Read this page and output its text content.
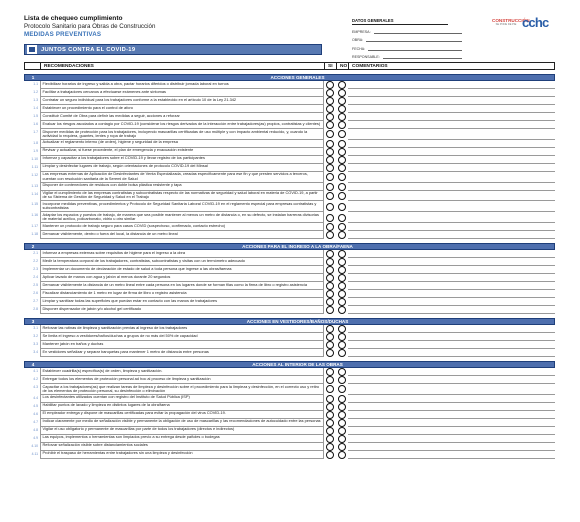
Lista de chequeo cumplimiento
Protocolo Sanitario para Obras de Construcción
MEDIDAS PREVENTIVAS
DATOS GENERALES
EMPRESA:
OBRA:
FECHA:
RESPONSABLE:
CONSTRUCCIÓN
SE PONE DE PIE cchc
JUNTOS CONTRA EL COVID-19
RECOMENDACIONES	SI	NO COMENTARIOS
1	ACCIONES GENERALES
1.1	Flexibilizar horarios de ingreso y salida a obra, pactar horarios diferidos o distribuir jornada laboral en turnos
1.2	Facilitar a trabajadores cercanos a efectuarse exámenes ante síntomas
1.3	Contratar un seguro individual para los trabajadores conforme a la establecido en el artículo 10 de la Ley 21.342
1.4	Establecer un procedimiento para el control de aforo
1.5	Constituir Comité de Obra para definir las medidas a seguir, acciones a reforzar
1.6	Evaluar los riesgos asociados a contagio por COVID-19 (considerar los riesgos derivados de la interacción entre trabajadores(as) propios, contratistas y clientes)
1.7	Disponer medidas de protección para los trabajadores, incluyendo mascarillas certificadas de uso múltiple y con impacto ambiental reducido, y, cuando la actividad lo requiera, guantes, lentes y ropa de trabajo
1.8	Actualizar el reglamento interno (de orden), higiene y seguridad de la empresa
1.9	Revisar y actualizar, si fuese procedente, el plan de emergencia y evacuación existente
1.10	Informar y capacitar a los trabajadores sobre el COVID-19 y llevar registro de los participantes
1.11	Limpiar y desinfectar lugares de trabajo, según orientaciones de protocolo COVID-19 del Minsal
1.12	Las empresas externas de Aplicación de Desinfectantes de Venta Especializada, creadas específicamente para ese fin y que presten servicios a terceros, cuentan con resolución sanitaria de la Seremi de Salud
1.13	Disponer de contenedores de residuos con doble bolsa plástica resistente y tapa
1.14	Vigilar el cumplimiento de las empresas contratistas y subcontratistas respecto de las normativas de seguridad y salud laboral en materia de COVID-19, a partir de su Sistema de Gestión de Seguridad y Salud en el Trabajo
1.15	Incorporar medidas preventivas, procedimientos y Protocolo de Seguridad Sanitaria Laboral COVID-19 en el reglamento especial para empresas contratistas y subcontratistas
1.16	Adaptar los espacios y puestos de trabajo, de manera que sea posible mantener al menos un metro de distancia o, en su defecto, se instalan barreras divisorias de material acrílico, policarbonato, vidrio u otro similar
1.17	Mantener un protocolo de trabajo seguro para casos COVID (sospechoso, confirmado, contacto estrecho)
1.18	Demarcar visiblemente, dentro o fuera del local, la distancia de un metro lineal
2	ACCIONES PARA EL INGRESO A LA OBRA/FAENA
2.1	Informar a empresas externas sobre requisitos de higiene para el ingreso a la obra
2.2	Medir la temperatura corporal de los trabajadores, contratistas, subcontratistas y visitas con un termómetro adecuado
2.3	Implementar un documento de declaración de estado de salud a toda persona que ingrese a las obras/faenas
2.4	Aplicar lavado de manos con agua y jabón al menos durante 20 segundos
2.5	Demarcar visiblemente la distancia de un metro lineal entre cada persona en los lugares donde se forman filas como la firma de libro o registro asistencia
2.6	Fiscalizar distanciamiento de 1 metro en lugar de firma de libro o registro asistencia
2.7	Limpiar y sanitizar todas las superficies que puedan estar en contacto con las manos de trabajadores
2.8	Disponer dispensador de jabón y/o alcohol gel certificado
3	ACCIONES EN VESTIDORES/BAÑOS/DUCHAS
3.1	Reforzar las rutinas de limpieza y sanitización previas al ingreso de los trabajadores
3.2	Se limita el ingreso a vestidores/baños/duchas a grupos de no más del 50% de capacidad
3.3	Mantener jabón en baños y duchas
3.4	En vestidores señalizar y separar banquetas para mantener 1 metro de distancia entre personas
4	ACCIONES AL INTERIOR DE LAS OBRAS
4.1	Establecer cuadrilla(s) específica(s) de orden, limpieza y sanitización.
4.2	Entregar todos los elementos de protección personal ad hoc al proceso de limpieza y sanitización
4.3	Capacitar a los trabajadores(as) que realizan tareas de limpieza y desinfección sobre el procedimiento para la limpieza y desinfección, en el correcto uso y retiro de los elementos de protección personal, su desinfección o eliminación
4.4	Los desinfectantes utilizados cuentan con registro del Instituto de Salud Pública (ISP)
4.5	Habilitar puntos de lavado y limpieza en distintos lugares de la obra/faena
4.6	El empleador entrega y dispone de mascarillas certificadas para evitar la propagación del virus COVID-19.
4.7	Indicar claramente por medio de señalización visible y permanente la obligación de uso de mascarillas y las recomendaciones de autocuidado entre las personas
4.8	Vigilar el uso obligatorio y permanente de mascarillas por parte de todos los trabajadores (directos e indirectos)
4.9	Las equipos, implementos o herramientas son limpiados previo a su entrega desde pañoles o bodegas
4.10	Reforzar señalización visible sobre distanciamientos sociales
4.11	Prohibir el traspaso de herramientas entre trabajadores sin una limpieza y desinfección
